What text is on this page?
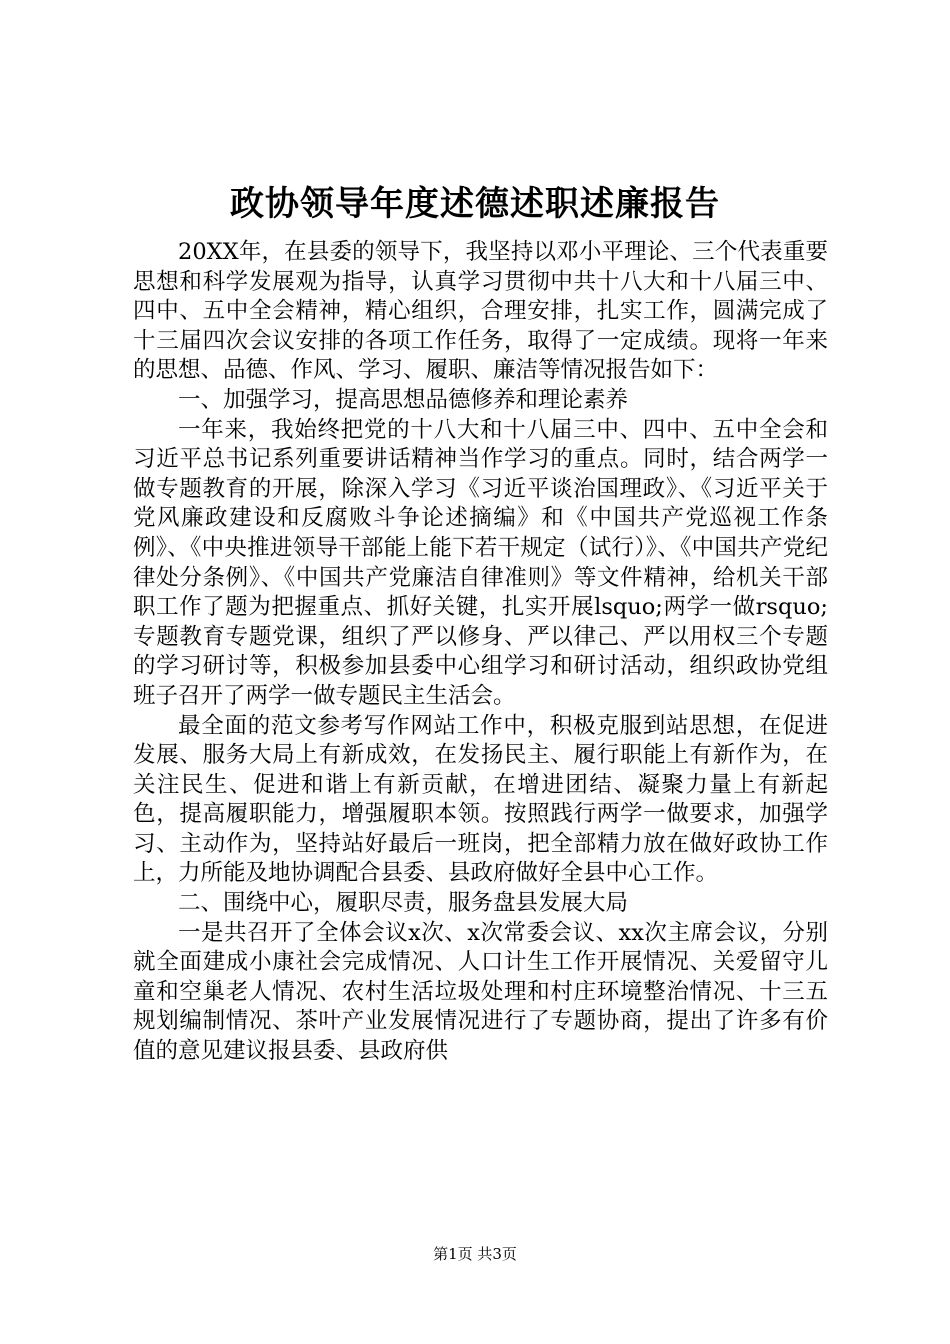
政协领导年度述德述职述廉报告

20XX年，在县委的领导下，我坚持以邓小平理论、三个代表重要思想和科学发展观为指导，认真学习贯彻中共十八大和十八届三中、四中、五中全会精神，精心组织，合理安排，扎实工作，圆满完成了十三届四次会议安排的各项工作任务，取得了一定成绩。现将一年来的思想、品德、作风、学习、履职、廉洁等情况报告如下：

一、加强学习，提高思想品德修养和理论素养

一年来，我始终把党的十八大和十八届三中、四中、五中全会和习近平总书记系列重要讲话精神当作学习的重点。同时，结合两学一做专题教育的开展，除深入学习《习近平谈治国理政》、《习近平关于党风廉政建设和反腐败斗争论述摘编》和《中国共产党巡视工作条例》、《中央推进领导干部能上能下若干规定（试行）》、《中国共产党纪律处分条例》、《中国共产党廉洁自律准则》等文件精神，给机关干部职工作了题为把握重点、抓好关键，扎实开展lsquo;两学一做rsquo;专题教育专题党课，组织了严以修身、严以律己、严以用权三个专题的学习研讨等，积极参加县委中心组学习和研讨活动，组织政协党组班子召开了两学一做专题民主生活会。

最全面的范文参考写作网站工作中，积极克服到站思想，在促进发展、服务大局上有新成效，在发扬民主、履行职能上有新作为，在关注民生、促进和谐上有新贡献，在增进团结、凝聚力量上有新起色，提高履职能力，增强履职本领。按照践行两学一做要求，加强学习、主动作为，坚持站好最后一班岗，把全部精力放在做好政协工作上，力所能及地协调配合县委、县政府做好全县中心工作。

二、围绕中心，履职尽责，服务盘县发展大局

一是共召开了全体会议x次、x次常委会议、xx次主席会议，分别就全面建成小康社会完成情况、人口计生工作开展情况、关爱留守儿童和空巢老人情况、农村生活垃圾处理和村庄环境整治情况、十三五规划编制情况、茶叶产业发展情况进行了专题协商，提出了许多有价值的意见建议报县委、县政府供

第1页 共3页
